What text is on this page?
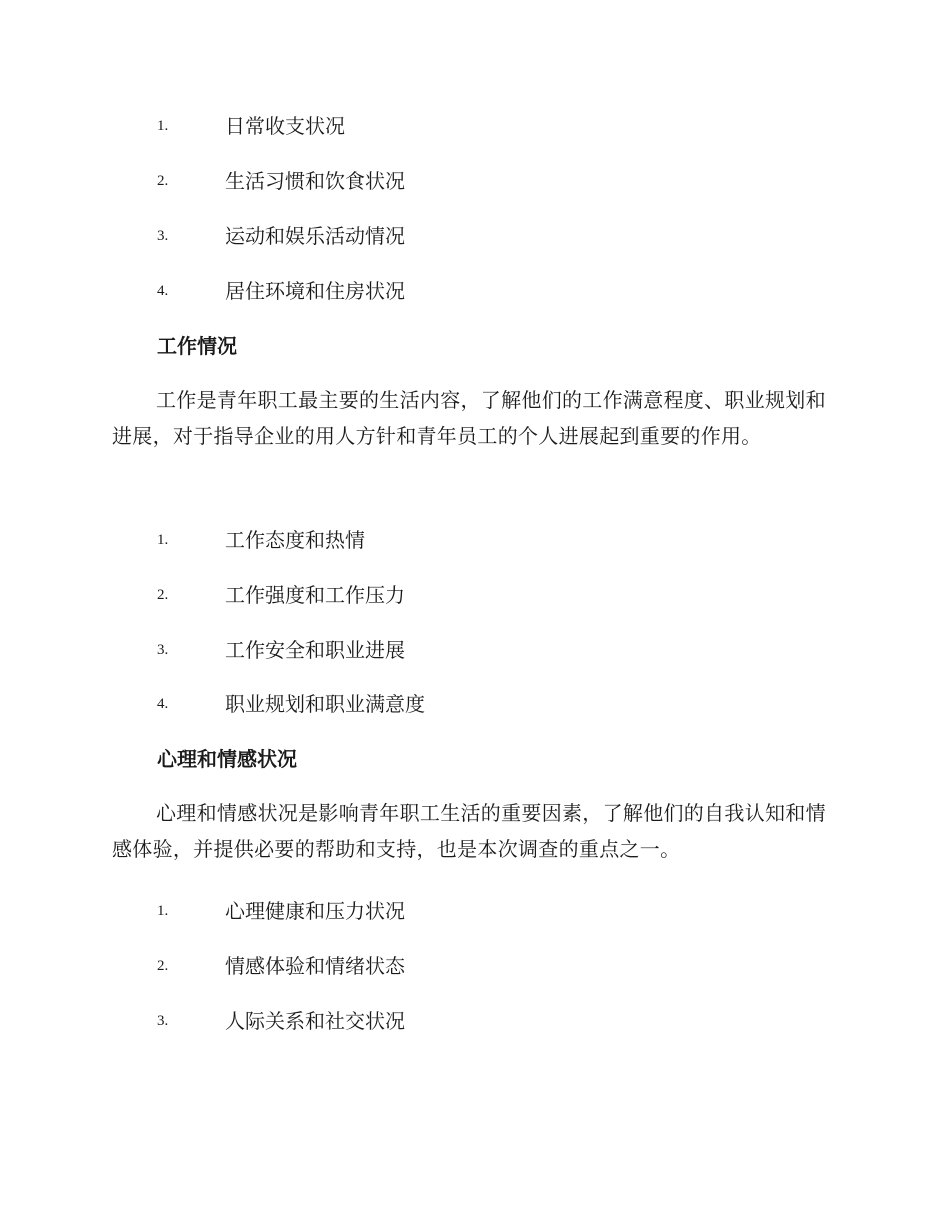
1.	日常收支状况
2.	生活习惯和饮食状况
3.	运动和娱乐活动情况
4.	居住环境和住房状况
工作情况

工作是青年职工最主要的生活内容，了解他们的工作满意程度、职业规划和进展，对于指导企业的用人方针和青年员工的个人进展起到重要的作用。

1.	工作态度和热情
2.	工作强度和工作压力
3.	工作安全和职业进展
4.	职业规划和职业满意度
心理和情感状况

心理和情感状况是影响青年职工生活的重要因素，了解他们的自我认知和情感体验，并提供必要的帮助和支持，也是本次调查的重点之一。

1.	心理健康和压力状况
2.	情感体验和情绪状态
3.	人际关系和社交状况
